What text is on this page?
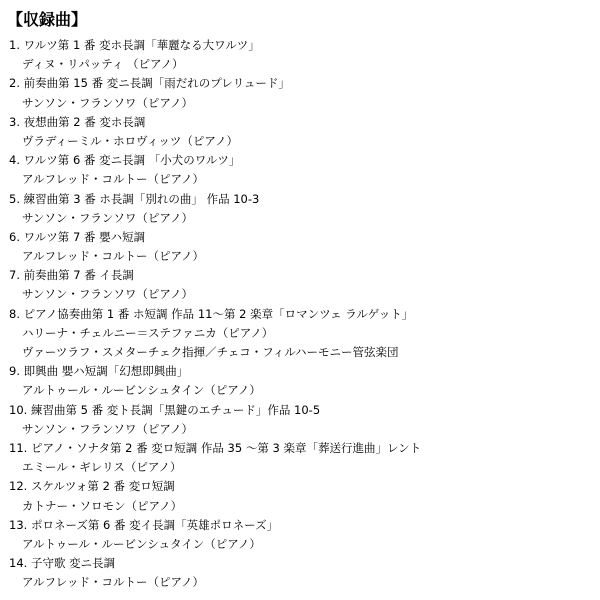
【収録曲】
1. ワルツ第 1 番 変ホ長調「華麗なる大ワルツ」
ディヌ・リパッティ （ピアノ）
2. 前奏曲第 15 番 変ニ長調「雨だれのプレリュード」
サンソン・フランソワ（ピアノ）
3. 夜想曲第 2 番 変ホ長調
ヴラディーミル・ホロヴィッツ（ピアノ）
4. ワルツ第 6 番 変ニ長調 「小犬のワルツ」
アルフレッド・コルトー（ピアノ）
5. 練習曲第 3 番 ホ長調「別れの曲」 作品 10-3
サンソン・フランソワ（ピアノ）
6. ワルツ第 7 番 嬰ハ短調
アルフレッド・コルトー（ピアノ）
7. 前奏曲第 7 番 イ長調
サンソン・フランソワ（ピアノ）
8. ピアノ協奏曲第 1 番 ホ短調 作品 11～第 2 楽章「ロマンツェ ラルゲット」
ハリーナ・チェルニー＝ステファニカ（ピアノ）
ヴァーツラフ・スメターチェク指揮／チェコ・フィルハーモニー管弦楽団
9. 即興曲 嬰ハ短調「幻想即興曲」
アルトゥール・ルービンシュタイン（ピアノ）
10. 練習曲第 5 番 変ト長調「黒鍵のエチュード」作品 10-5
サンソン・フランソワ（ピアノ）
11. ピアノ・ソナタ第 2 番 変ロ短調 作品 35 ～第 3 楽章「葬送行進曲」レント
エミール・ギレリス（ピアノ）
12. スケルツォ第 2 番 変ロ短調
カトナー・ソロモン（ピアノ）
13. ポロネーズ第 6 番 変イ長調「英雄ポロネーズ」
アルトゥール・ルービンシュタイン（ピアノ）
14. 子守歌 変ニ長調
アルフレッド・コルトー（ピアノ）
